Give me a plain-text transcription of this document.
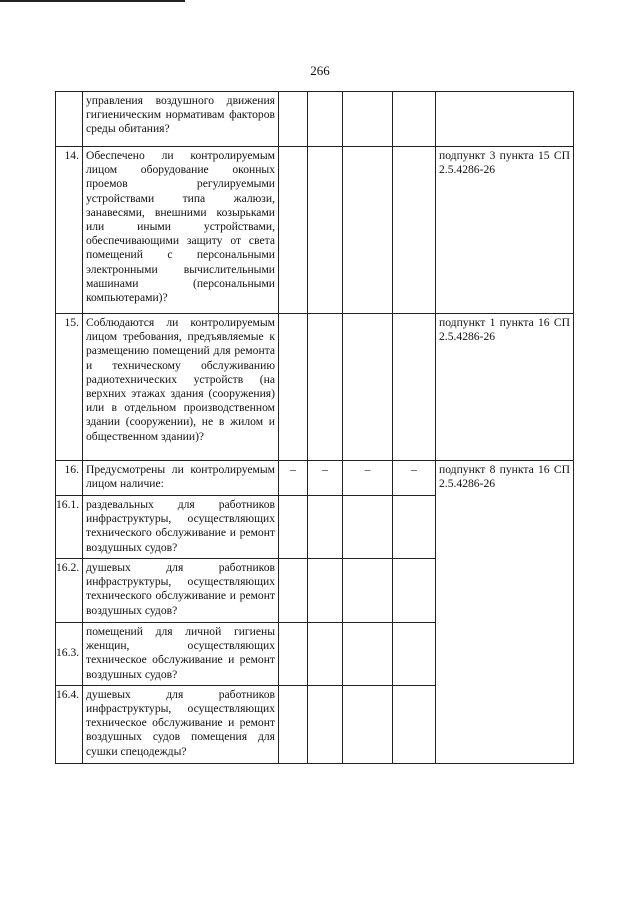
266
	управления воздушного движения гигиеническим нормативам факторов среды обитания?						
14.	Обеспечено ли контролируемым лицом оборудование оконных проемов регулируемыми устройствами типа жалюзи, занавесями, внешними козырьками или иными устройствами, обеспечивающими защиту от света помещений с персональными электронными вычислительными машинами (персональными компьютерами)?					подпункт 3 пункта 15 СП 2.5.4286-26	
15.	Соблюдаются ли контролируемым лицом требования, предъявляемые к размещению помещений для ремонта и техническому обслуживанию радиотехнических устройств (на верхних этажах здания (сооружения) или в отдельном производственном здании (сооружении), не в жилом и общественном здании)?					подпункт 1 пункта 16 СП 2.5.4286-26	
16.	Предусмотрены ли контролируемым лицом наличие:	–	–	–	–	подпункт 8 пункта 16 СП 2.5.4286-26	
16.1.	раздевальных для работников инфраструктуры, осуществляющих технического обслуживание и ремонт воздушных судов?						
16.2.	душевых для работников инфраструктуры, осуществляющих технического обслуживание и ремонт воздушных судов?						
16.3.	помещений для личной гигиены женщин, осуществляющих техническое обслуживание и ремонт воздушных судов?						
16.4.	душевых для работников инфраструктуры, осуществляющих техническое обслуживание и ремонт воздушных судов помещения для сушки спецодежды?						
